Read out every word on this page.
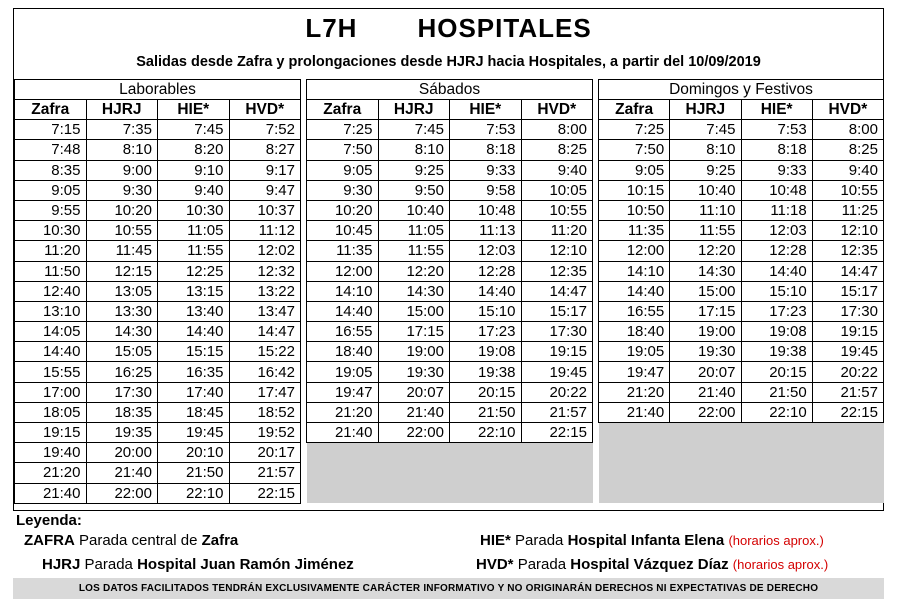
L7H HOSPITALES
Salidas desde Zafra y prolongaciones desde HJRJ hacia Hospitales, a partir del 10/09/2019
Laborables			
Zafra	HJRJ	HIE*	HVD*
7:15	7:35	7:45	7:52
7:48	8:10	8:20	8:27
8:35	9:00	9:10	9:17
9:05	9:30	9:40	9:47
9:55	10:20	10:30	10:37
10:30	10:55	11:05	11:12
11:20	11:45	11:55	12:02
11:50	12:15	12:25	12:32
12:40	13:05	13:15	13:22
13:10	13:30	13:40	13:47
14:05	14:30	14:40	14:47
14:40	15:05	15:15	15:22
15:55	16:25	16:35	16:42
17:00	17:30	17:40	17:47
18:05	18:35	18:45	18:52
19:15	19:35	19:45	19:52
19:40	20:00	20:10	20:17
21:20	21:40	21:50	21:57
21:40	22:00	22:10	22:15
Sábados			
Zafra	HJRJ	HIE*	HVD*
7:25	7:45	7:53	8:00
7:50	8:10	8:18	8:25
9:05	9:25	9:33	9:40
9:30	9:50	9:58	10:05
10:20	10:40	10:48	10:55
10:45	11:05	11:13	11:20
11:35	11:55	12:03	12:10
12:00	12:20	12:28	12:35
14:10	14:30	14:40	14:47
14:40	15:00	15:10	15:17
16:55	17:15	17:23	17:30
18:40	19:00	19:08	19:15
19:05	19:30	19:38	19:45
19:47	20:07	20:15	20:22
21:20	21:40	21:50	21:57
21:40	22:00	22:10	22:15

Domingos y Festivos			
Zafra	HJRJ	HIE*	HVD*
7:25	7:45	7:53	8:00
7:50	8:10	8:18	8:25
9:05	9:25	9:33	9:40
10:15	10:40	10:48	10:55
10:50	11:10	11:18	11:25
11:35	11:55	12:03	12:10
12:00	12:20	12:28	12:35
14:10	14:30	14:40	14:47
14:40	15:00	15:10	15:17
16:55	17:15	17:23	17:30
18:40	19:00	19:08	19:15
19:05	19:30	19:38	19:45
19:47	20:07	20:15	20:22
21:20	21:40	21:50	21:57
21:40	22:00	22:10	22:15

Leyenda:
ZAFRA Parada central de Zafra
HJRJ Parada Hospital Juan Ramón Jiménez
HIE* Parada Hospital Infanta Elena (horarios aprox.)
HVD* Parada Hospital Vázquez Díaz (horarios aprox.)
LOS DATOS FACILITADOS TENDRÁN EXCLUSIVAMENTE CARÁCTER INFORMATIVO Y NO ORIGINARÁN DERECHOS NI EXPECTATIVAS DE DERECHO
